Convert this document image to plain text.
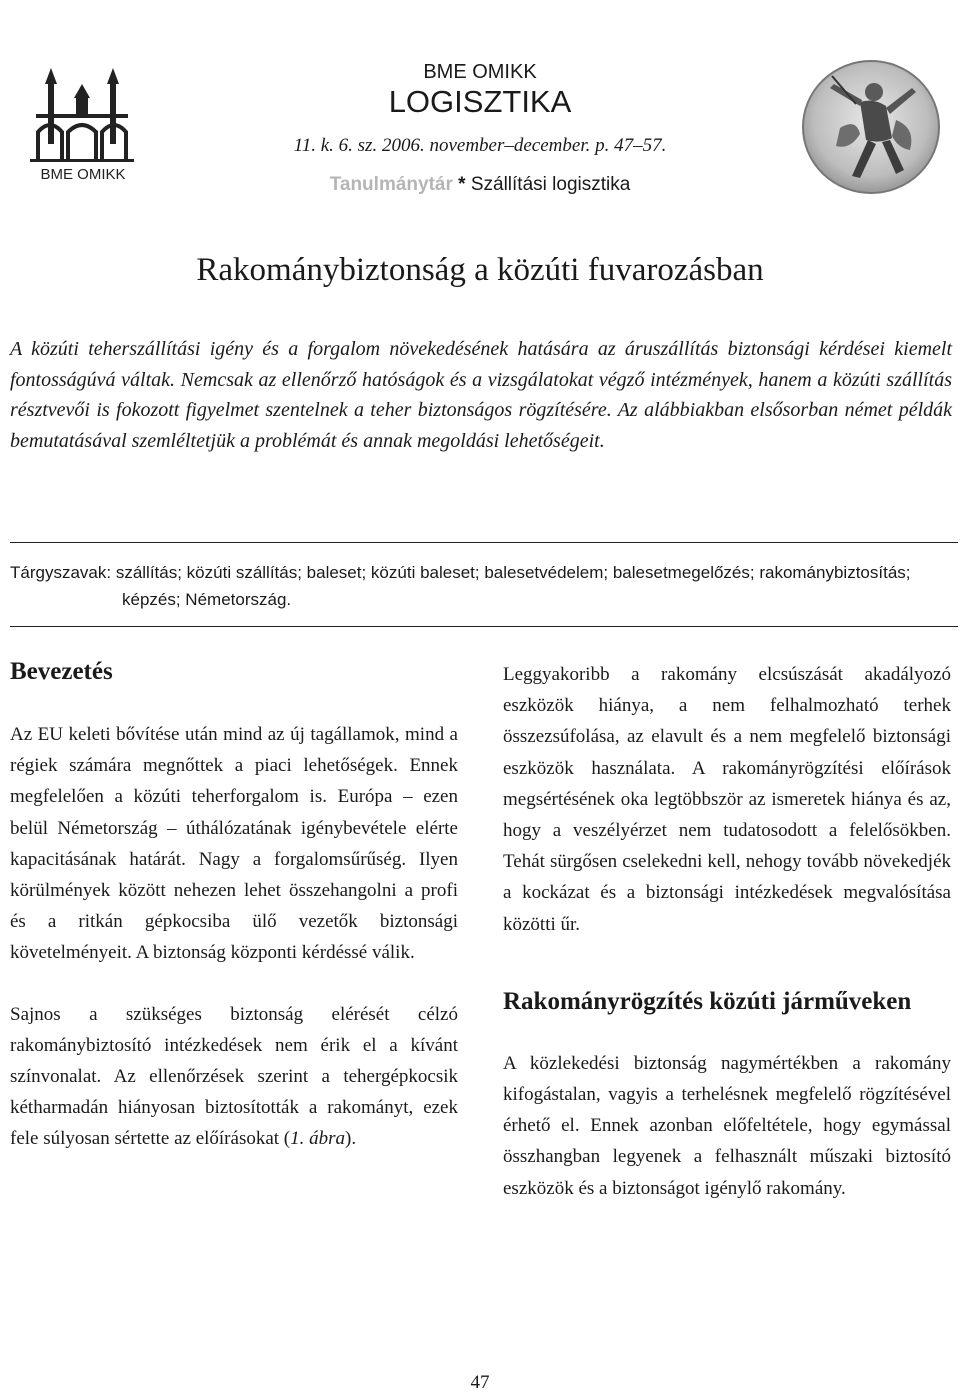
BME OMIKK
BME OMIKK
LOGISZTIKA
11. k. 6. sz. 2006. november–december. p. 47–57.
Tanulmánytár * Szállítási logisztika
Rakománybiztonság a közúti fuvarozásban

A közúti teherszállítási igény és a forgalom növekedésének hatására az áruszállítás biztonsági kérdései kiemelt fontosságúvá váltak. Nemcsak az ellenőrző hatóságok és a vizsgálatokat végző intézmények, hanem a közúti szállítás résztvevői is fokozott figyelmet szentelnek a teher biztonságos rögzítésére. Az alábbiakban elsősorban német példák bemutatásával szemléltetjük a problémát és annak megoldási lehetőségeit.

Tárgyszavak: szállítás; közúti szállítás; baleset; közúti baleset; balesetvédelem; balesetmegelőzés; rakománybiztosítás;
képzés; Németország.
Bevezetés

Az EU keleti bővítése után mind az új tagállamok, mind a régiek számára megnőttek a piaci lehetőségek. Ennek megfelelően a közúti teherforgalom is. Európa – ezen belül Németország – úthálózatának igénybevétele elérte kapacitásának határát. Nagy a forgalomsűrűség. Ilyen körülmények között nehezen lehet összehangolni a profi és a ritkán gépkocsiba ülő vezetők biztonsági követelményeit. A biztonság központi kérdéssé válik.

Sajnos a szükséges biztonság elérését célzó rakománybiztosító intézkedések nem érik el a kívánt színvonalat. Az ellenőrzések szerint a tehergépkocsik kétharmadán hiányosan biztosították a rakományt, ezek fele súlyosan sértette az előírásokat (1. ábra).

Leggyakoribb a rakomány elcsúszását akadályozó eszközök hiánya, a nem felhalmozható terhek összezsúfolása, az elavult és a nem megfelelő biztonsági eszközök használata. A rakományrögzítési előírások megsértésének oka legtöbbször az ismeretek hiánya és az, hogy a veszélyérzet nem tudatosodott a felelősökben. Tehát sürgősen cselekedni kell, nehogy tovább növekedjék a kockázat és a biztonsági intézkedések megvalósítása közötti űr.

Rakományrögzítés közúti járműveken

A közlekedési biztonság nagymértékben a rakomány kifogástalan, vagyis a terhelésnek megfelelő rögzítésével érhető el. Ennek azonban előfeltétele, hogy egymással összhangban legyenek a felhasznált műszaki biztosító eszközök és a biztonságot igénylő rakomány.

47
